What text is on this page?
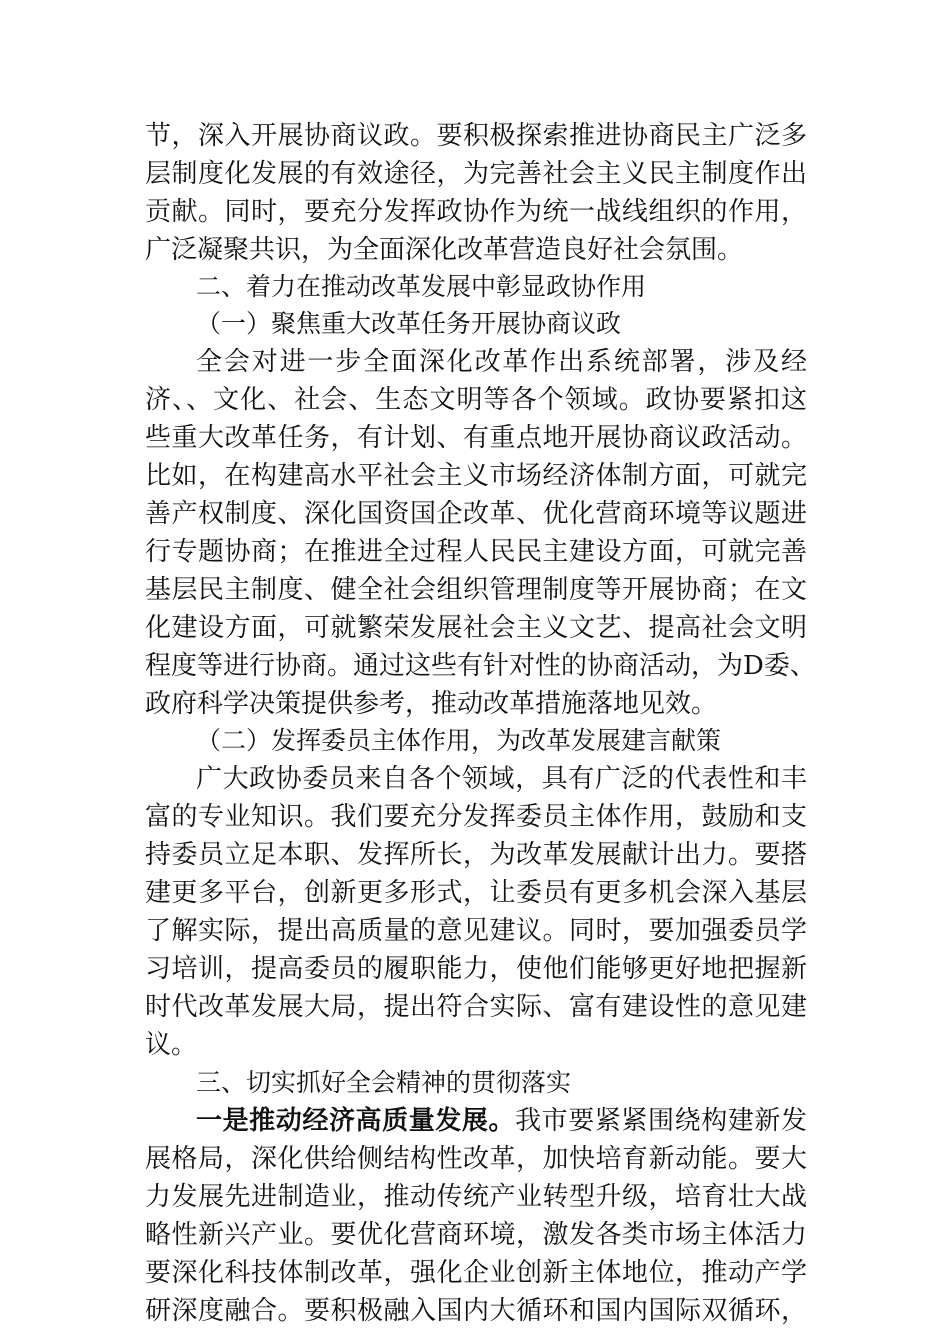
节，深入开展协商议政。要积极探索推进协商民主广泛多
层制度化发展的有效途径，为完善社会主义民主制度作出
贡献。同时，要充分发挥政协作为统一战线组织的作用，
广泛凝聚共识，为全面深化改革营造良好社会氛围。
二、着力在推动改革发展中彰显政协作用
（一）聚焦重大改革任务开展协商议政
全会对进一步全面深化改革作出系统部署，涉及经
济、、文化、社会、生态文明等各个领域。政协要紧扣这
些重大改革任务，有计划、有重点地开展协商议政活动。
比如，在构建高水平社会主义市场经济体制方面，可就完
善产权制度、深化国资国企改革、优化营商环境等议题进
行专题协商；在推进全过程人民民主建设方面，可就完善
基层民主制度、健全社会组织管理制度等开展协商；在文
化建设方面，可就繁荣发展社会主义文艺、提高社会文明
程度等进行协商。通过这些有针对性的协商活动，为D委、
政府科学决策提供参考，推动改革措施落地见效。
（二）发挥委员主体作用，为改革发展建言献策
广大政协委员来自各个领域，具有广泛的代表性和丰
富的专业知识。我们要充分发挥委员主体作用，鼓励和支
持委员立足本职、发挥所长，为改革发展献计出力。要搭
建更多平台，创新更多形式，让委员有更多机会深入基层
了解实际，提出高质量的意见建议。同时，要加强委员学
习培训，提高委员的履职能力，使他们能够更好地把握新
时代改革发展大局，提出符合实际、富有建设性的意见建
议。
三、切实抓好全会精神的贯彻落实
一是推动经济高质量发展。我市要紧紧围绕构建新发
展格局，深化供给侧结构性改革，加快培育新动能。要大
力发展先进制造业，推动传统产业转型升级，培育壮大战
略性新兴产业。要优化营商环境，激发各类市场主体活力
要深化科技体制改革，强化企业创新主体地位，推动产学
研深度融合。要积极融入国内大循环和国内国际双循环，
